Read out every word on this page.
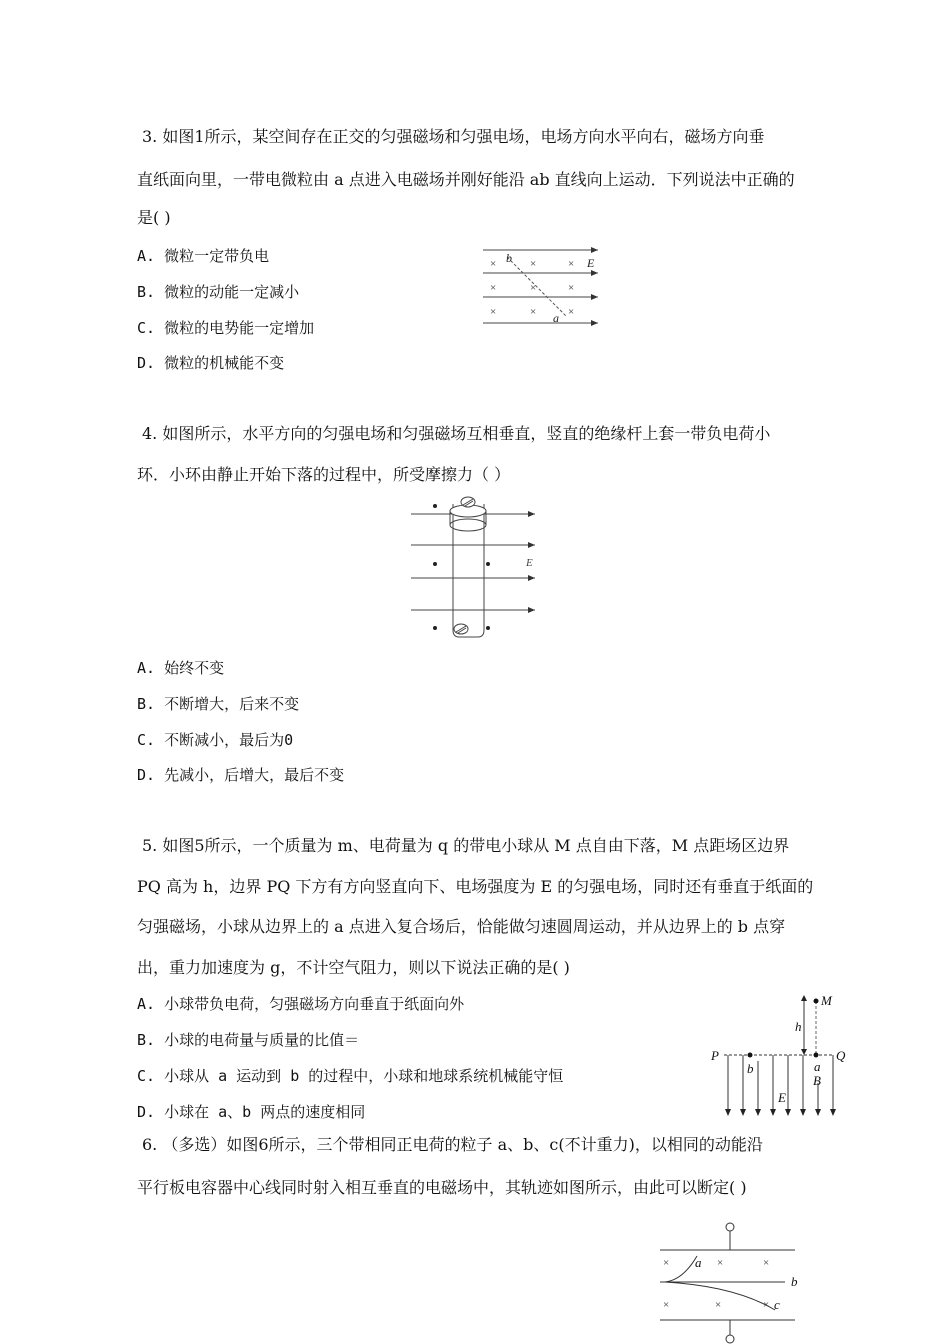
3. 如图1所示，某空间存在正交的匀强磁场和匀强电场，电场方向水平向右，磁场方向垂
直纸面向里，一带电微粒由 a 点进入电磁场并刚好能沿 ab 直线向上运动．下列说法中正确的
是( )
A. 微粒一定带负电
B. 微粒的动能一定减小
C. 微粒的电势能一定增加
D. 微粒的机械能不变
×	×	×
×	×	×
×	×	×
b
a
E
4. 如图所示，水平方向的匀强电场和匀强磁场互相垂直，竖直的绝缘杆上套一带负电荷小
环．小环由静止开始下落的过程中，所受摩擦力（ ）
E
A. 始终不变
B. 不断增大，后来不变
C. 不断减小，最后为0
D. 先减小，后增大，最后不变
5. 如图5所示，一个质量为 m、电荷量为 q 的带电小球从 M 点自由下落，M 点距场区边界
PQ 高为 h，边界 PQ 下方有方向竖直向下、电场强度为 E 的匀强电场，同时还有垂直于纸面的
匀强磁场，小球从边界上的 a 点进入复合场后，恰能做匀速圆周运动，并从边界上的 b 点穿
出，重力加速度为 g，不计空气阻力，则以下说法正确的是( )
A. 小球带负电荷，匀强磁场方向垂直于纸面向外
B. 小球的电荷量与质量的比值＝
C. 小球从 a 运动到 b 的过程中，小球和地球系统机械能守恒
D. 小球在 a、b 两点的速度相同
M
h
P	Q
b	a
B
E
6. （多选）如图6所示，三个带相同正电荷的粒子 a、b、c(不计重力)，以相同的动能沿
平行板电容器中心线同时射入相互垂直的电磁场中，其轨迹如图所示，由此可以断定( )
×	×	×
×	×	×
a
b
c
